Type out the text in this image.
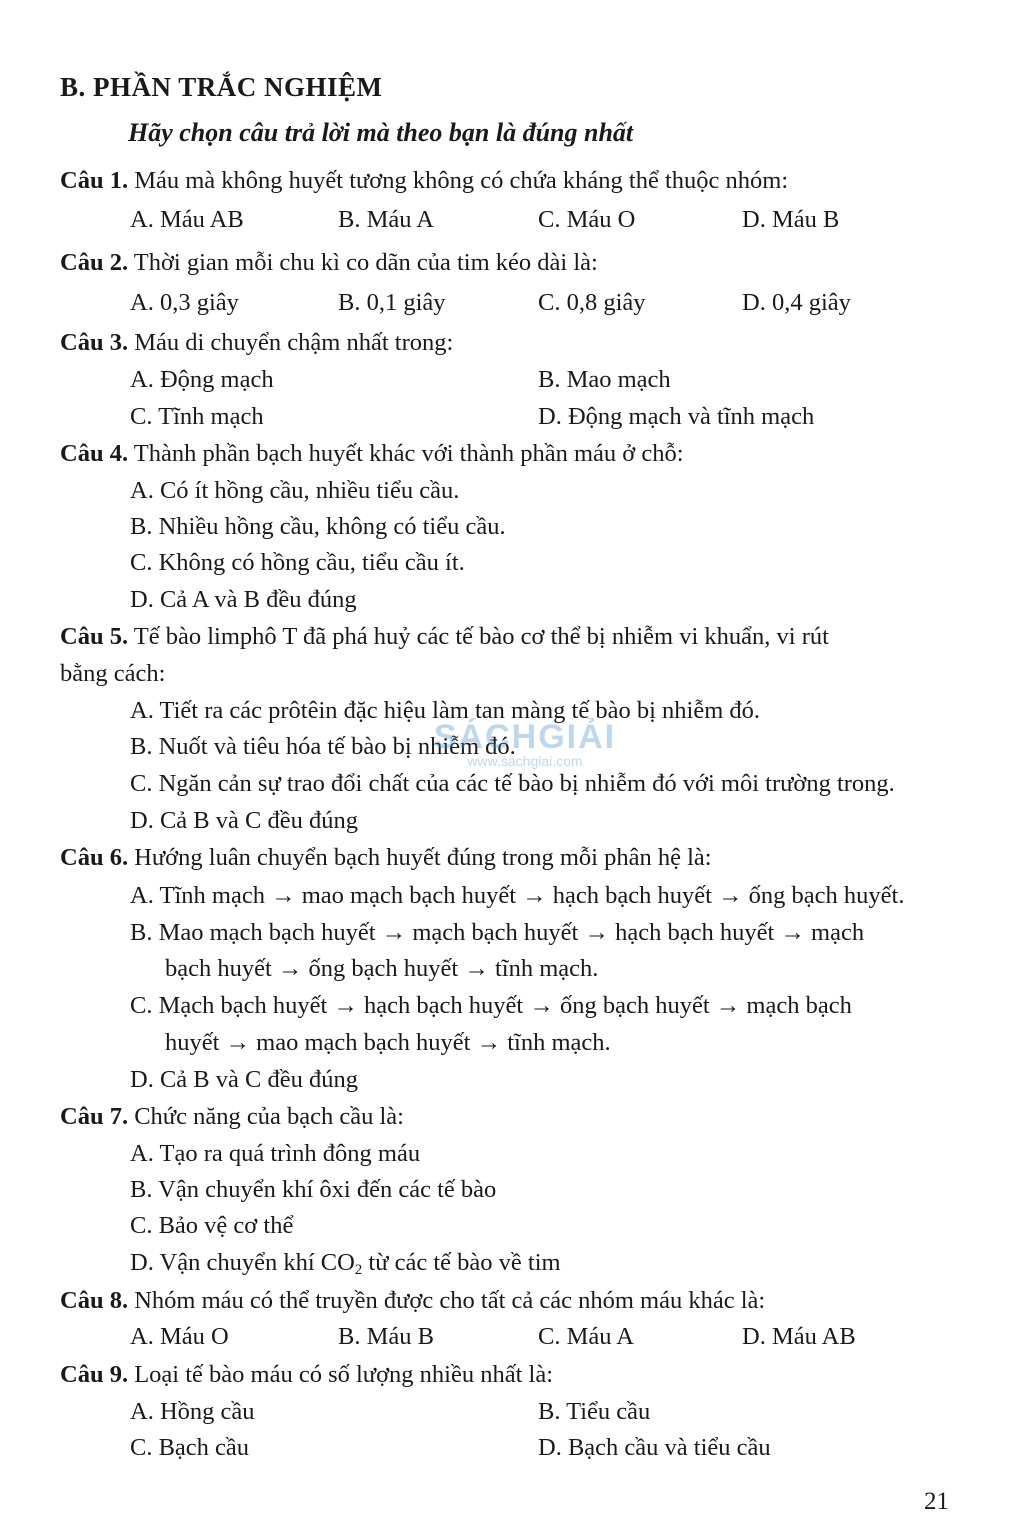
B. PHẦN TRẮC NGHIỆM
Hãy chọn câu trả lời mà theo bạn là đúng nhất
Câu 1. Máu mà không huyết tương không có chứa kháng thể thuộc nhóm:
A. Máu AB	B. Máu A	C. Máu O	D. Máu B
Câu 2. Thời gian mỗi chu kì co dãn của tim kéo dài là:
A. 0,3 giây	B. 0,1 giây	C. 0,8 giây	D. 0,4 giây
Câu 3. Máu di chuyển chậm nhất trong:
A. Động mạch	B. Mao mạch
C. Tĩnh mạch	D. Động mạch và tĩnh mạch
Câu 4. Thành phần bạch huyết khác với thành phần máu ở chỗ:
A. Có ít hồng cầu, nhiều tiểu cầu.
B. Nhiều hồng cầu, không có tiểu cầu.
C. Không có hồng cầu, tiểu cầu ít.
D. Cả A và B đều đúng
Câu 5. Tế bào limphô T đã phá huỷ các tế bào cơ thể bị nhiễm vi khuẩn, vi rút
bằng cách:
A. Tiết ra các prôtêin đặc hiệu làm tan màng tế bào bị nhiễm đó.
B. Nuốt và tiêu hóa tế bào bị nhiễm đó.
C. Ngăn cản sự trao đổi chất của các tế bào bị nhiễm đó với môi trường trong.
D. Cả B và C đều đúng
SÁCHGIẢI
www.sachgiai.com
Câu 6. Hướng luân chuyển bạch huyết đúng trong mỗi phân hệ là:
A. Tĩnh mạch → mao mạch bạch huyết → hạch bạch huyết → ống bạch huyết.
B. Mao mạch bạch huyết → mạch bạch huyết → hạch bạch huyết → mạch
bạch huyết → ống bạch huyết → tĩnh mạch.
C. Mạch bạch huyết → hạch bạch huyết → ống bạch huyết → mạch bạch
huyết → mao mạch bạch huyết → tĩnh mạch.
D. Cả B và C đều đúng
Câu 7. Chức năng của bạch cầu là:
A. Tạo ra quá trình đông máu
B. Vận chuyển khí ôxi đến các tế bào
C. Bảo vệ cơ thể
D. Vận chuyển khí $CO_2$ từ các tế bào về tim
Câu 8. Nhóm máu có thể truyền được cho tất cả các nhóm máu khác là:
A. Máu O	B. Máu B	C. Máu A	D. Máu AB
Câu 9. Loại tế bào máu có số lượng nhiều nhất là:
A. Hồng cầu	B. Tiểu cầu
C. Bạch cầu	D. Bạch cầu và tiểu cầu
21
